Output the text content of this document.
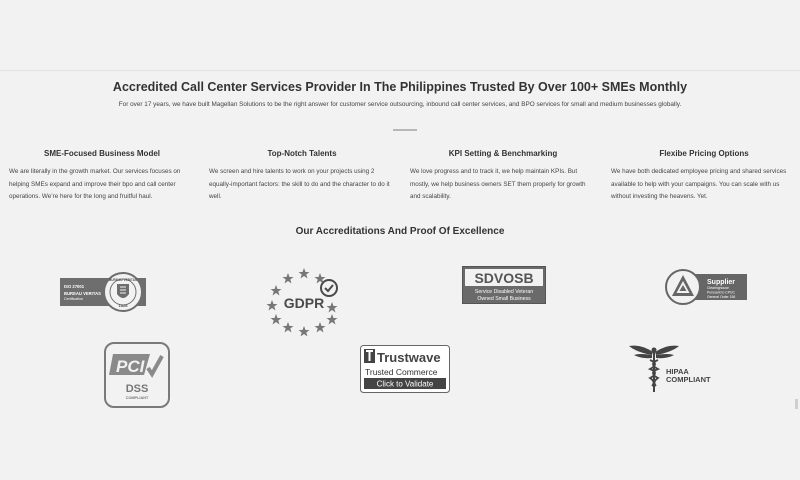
Accredited Call Center Services Provider In The Philippines Trusted By Over 100+ SMEs Monthly

For over 17 years, we have built Magellan Solutions to be the right answer for customer service outsourcing, inbound call center services, and BPO services for small and medium businesses globally.

SME-Focused Business Model

We are literally in the growth market. Our services focuses on helping SMEs expand and improve their bpo and call center operations. We’re here for the long and fruitful haul.

Top-Notch Talents

We screen and hire talents to work on your projects using 2 equally-important factors: the skill to do and the character to do it well.

KPI Setting & Benchmarking

We love progress and to track it, we help maintain KPIs. But mostly, we help business owners SET them properly for growth and scalability.

Flexibe Pricing Options

We have both dedicated employee pricing and shared services available to help with your campaigns. You can scale with us without investing the heavens. Yet.

Our Accreditations And Proof Of Excellence
ISO 27001
BUREAU VERITAS
Certification
BUREAU VERITAS
1828	GDPR
SDVOSB
Service Disabled Veteran
Owned Small Business
Supplier
Clearinghouse
Pursuant to CPUC
General Order 156
PCI
DSS
COMPLIANT
Trustwave
Trusted Commerce
Click to Validate
HIPAA
COMPLIANT
